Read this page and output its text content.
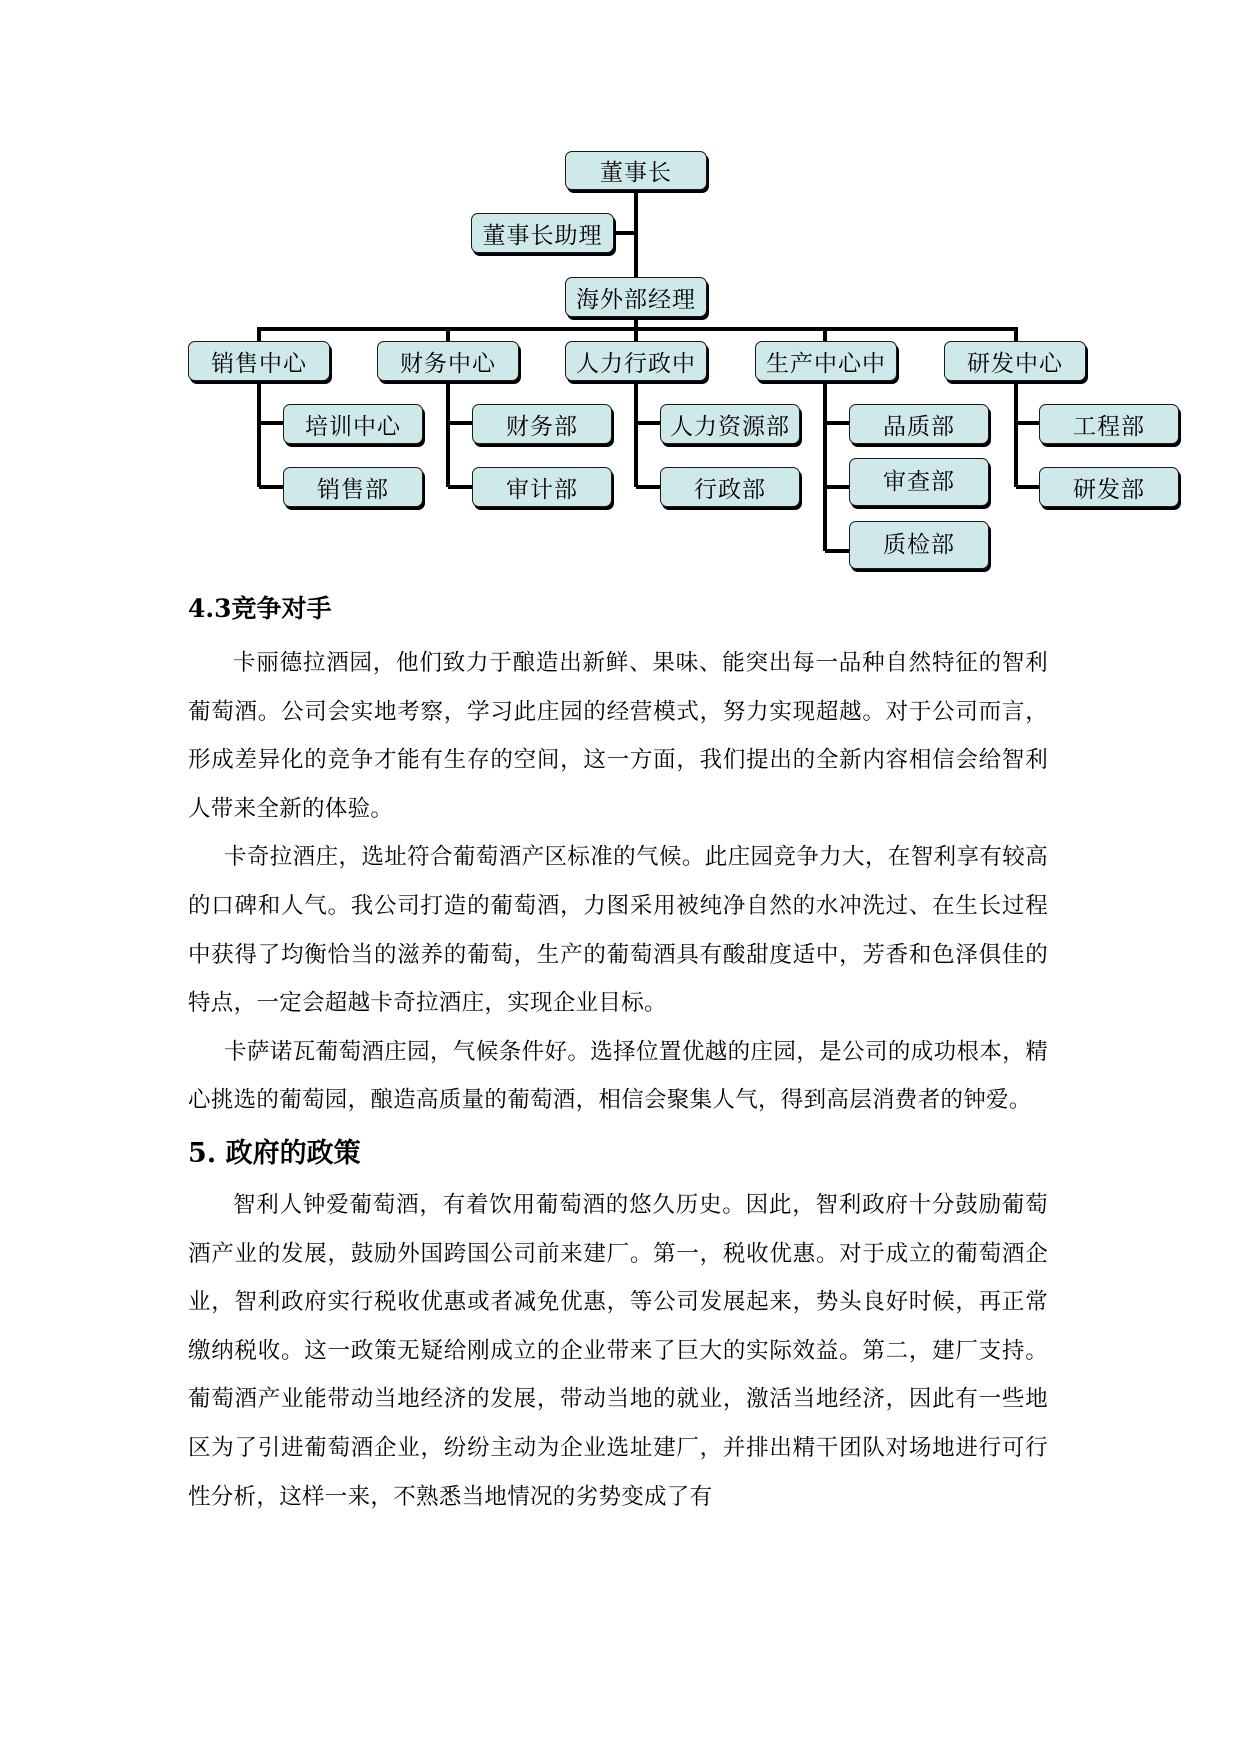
董事长
董事长助理
海外部经理
销售中心	财务中心	人力行政中	生产中心中	研发中心
培训中心
销售部
财务部
审计部
人力资源部
行政部
品质部
审查部
质检部
工程部
研发部
4.3竞争对手

卡丽德拉酒园，他们致力于酿造出新鲜、果味、能突出每一品种自然特征的智利葡萄酒。公司会实地考察，学习此庄园的经营模式，努力实现超越。对于公司而言，形成差异化的竞争才能有生存的空间，这一方面，我们提出的全新内容相信会给智利人带来全新的体验。

卡奇拉酒庄，选址符合葡萄酒产区标准的气候。此庄园竞争力大，在智利享有较高的口碑和人气。我公司打造的葡萄酒，力图采用被纯净自然的水冲洗过、在生长过程中获得了均衡恰当的滋养的葡萄，生产的葡萄酒具有酸甜度适中，芳香和色泽俱佳的特点，一定会超越卡奇拉酒庄，实现企业目标。

卡萨诺瓦葡萄酒庄园，气候条件好。选择位置优越的庄园，是公司的成功根本，精心挑选的葡萄园，酿造高质量的葡萄酒，相信会聚集人气，得到高层消费者的钟爱。

5. 政府的政策

智利人钟爱葡萄酒，有着饮用葡萄酒的悠久历史。因此，智利政府十分鼓励葡萄酒产业的发展，鼓励外国跨国公司前来建厂。第一，税收优惠。对于成立的葡萄酒企业，智利政府实行税收优惠或者减免优惠，等公司发展起来，势头良好时候，再正常缴纳税收。这一政策无疑给刚成立的企业带来了巨大的实际效益。第二，建厂支持。葡萄酒产业能带动当地经济的发展，带动当地的就业，激活当地经济，因此有一些地区为了引进葡萄酒企业，纷纷主动为企业选址建厂，并排出精干团队对场地进行可行性分析，这样一来，不熟悉当地情况的劣势变成了有
